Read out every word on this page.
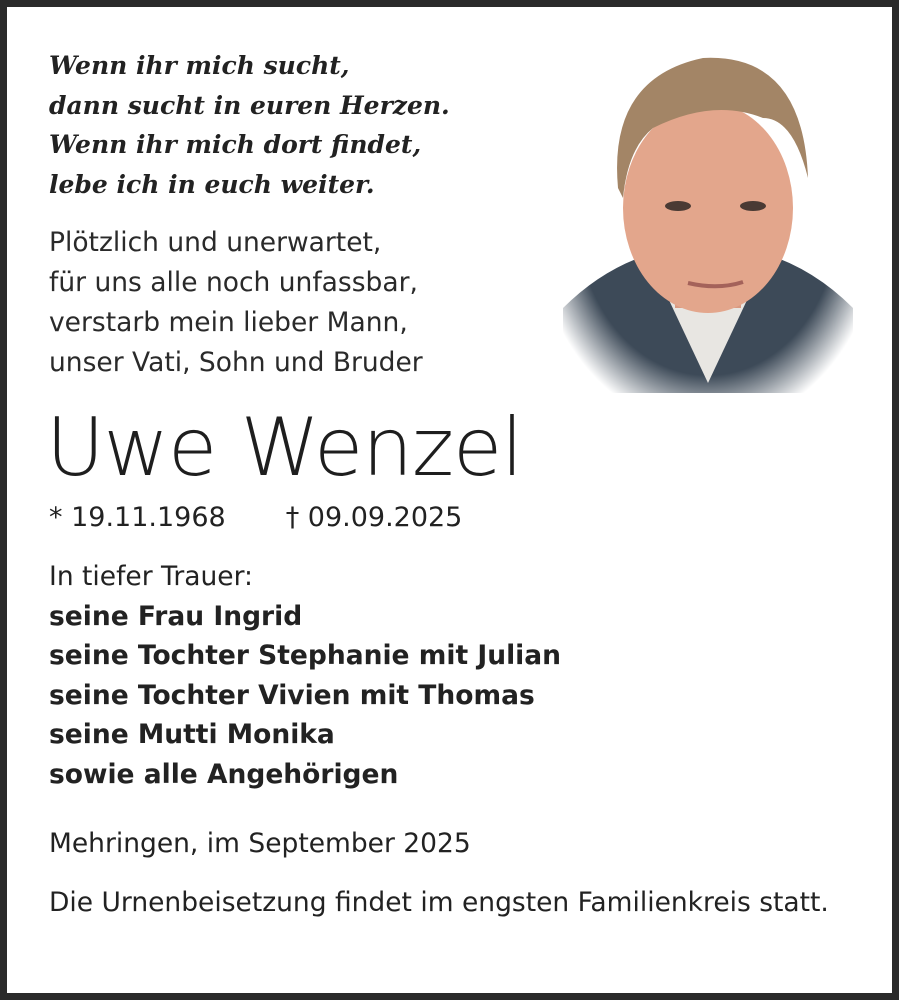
Wenn ihr mich sucht,
dann sucht in euren Herzen.
Wenn ihr mich dort findet,
lebe ich in euch weiter.
Plötzlich und unerwartet,
für uns alle noch unfassbar,
verstarb mein lieber Mann,
unser Vati, Sohn und Bruder
Uwe Wenzel
* 19.11.1968 † 09.09.2025
In tiefer Trauer:
seine Frau Ingrid
seine Tochter Stephanie mit Julian
seine Tochter Vivien mit Thomas
seine Mutti Monika
sowie alle Angehörigen
Mehringen, im September 2025
Die Urnenbeisetzung findet im engsten Familienkreis statt.
